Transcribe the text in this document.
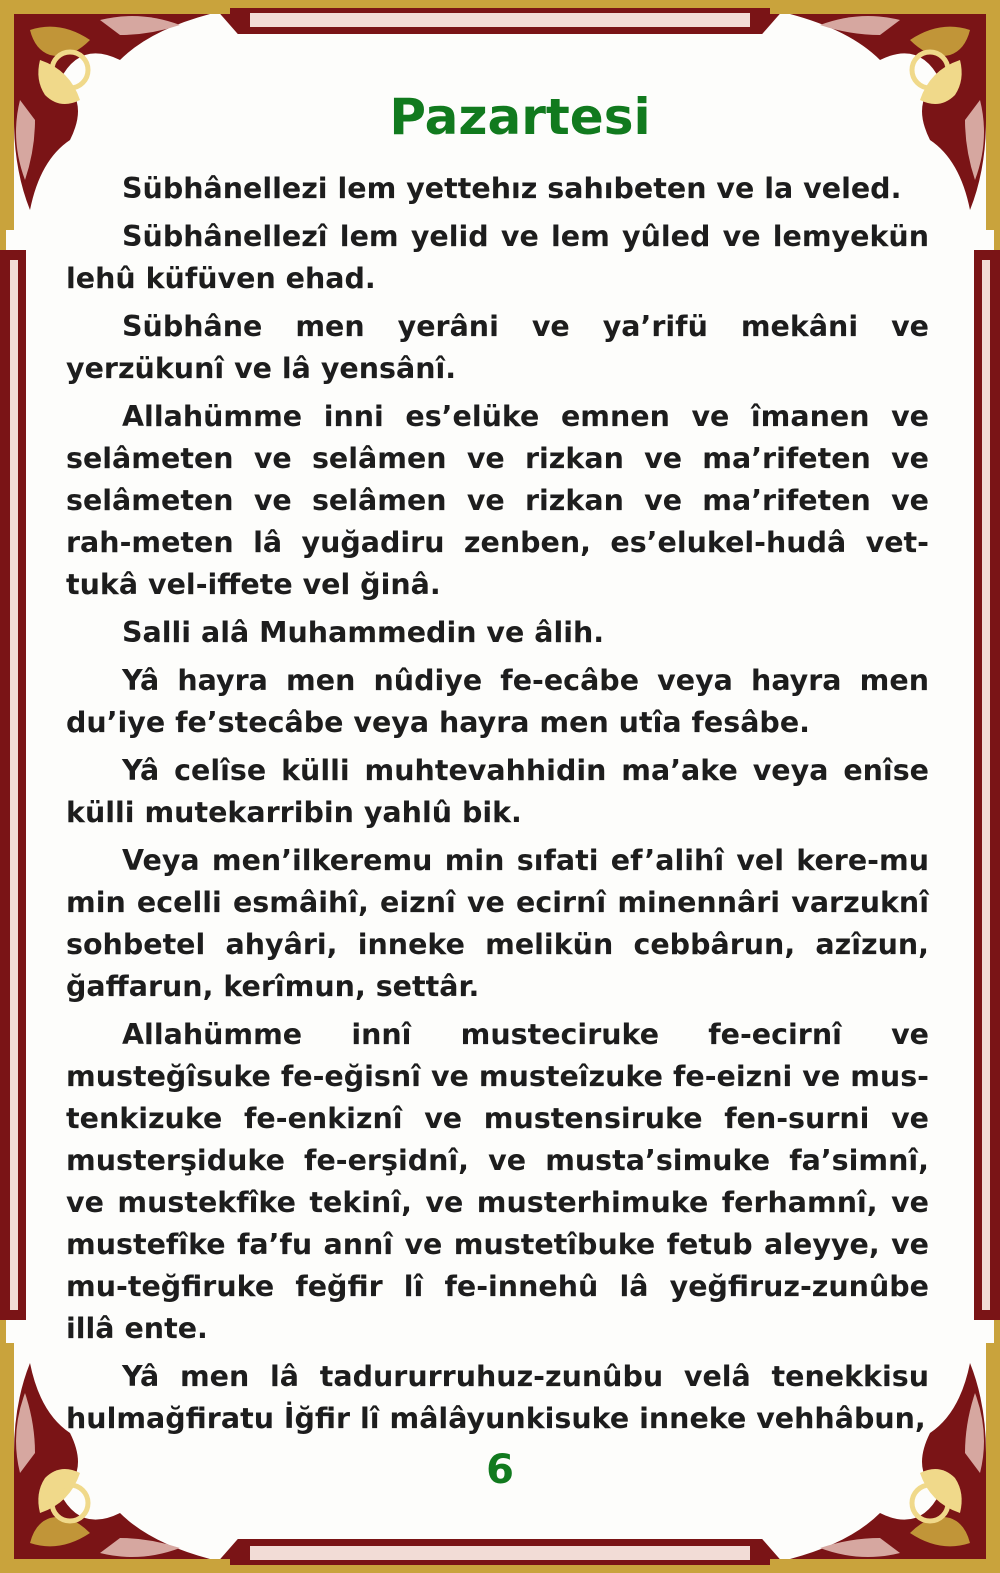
Pazartesi

Sübhânellezi lem yettehız sahıbeten ve la veled.

Sübhânellezî lem yelid ve lem yûled ve lemyekün lehû küfüven ehad.

Sübhâne men yerâni ve ya’rifü mekâni ve yerzükunî ve lâ yensânî.

Allahümme inni es’elüke emnen ve îmanen ve selâmeten ve selâmen ve rizkan ve ma’rifeten ve selâmeten ve selâmen ve rizkan ve ma’rifeten ve rah-meten lâ yuğadiru zenben, es’elukel-hudâ vet-tukâ vel-iffete vel ğinâ.

Salli alâ Muhammedin ve âlih.

Yâ hayra men nûdiye fe-ecâbe veya hayra men du’iye fe’stecâbe veya hayra men utîa fesâbe.

Yâ celîse külli muhtevahhidin ma’ake veya enîse külli mutekarribin yahlû bik.

Veya men’ilkeremu min sıfati ef’alihî vel kere-mu min ecelli esmâihî, eiznî ve ecirnî minennâri varzuknî sohbetel ahyâri, inneke melikün cebbârun, azîzun, ğaffarun, kerîmun, settâr.

Allahümme innî musteciruke fe-ecirnî ve musteğîsuke fe-eğisnî ve musteîzuke fe-eizni ve mus-tenkizuke fe-enkiznî ve mustensiruke fen-surni ve musterşiduke fe-erşidnî, ve musta’simuke fa’simnî, ve mustekfîke tekinî, ve musterhimuke ferhamnî, ve mustefîke fa’fu annî ve mustetîbuke fetub aleyye, ve mu-teğfiruke feğfir lî fe-innehû lâ yeğfiruz-zunûbe illâ ente.

Yâ men lâ tadururruhuz-zunûbu velâ tenekkisu hulmağfiratu İğfir lî mâlâyunkisuke inneke vehhâbun,

6
